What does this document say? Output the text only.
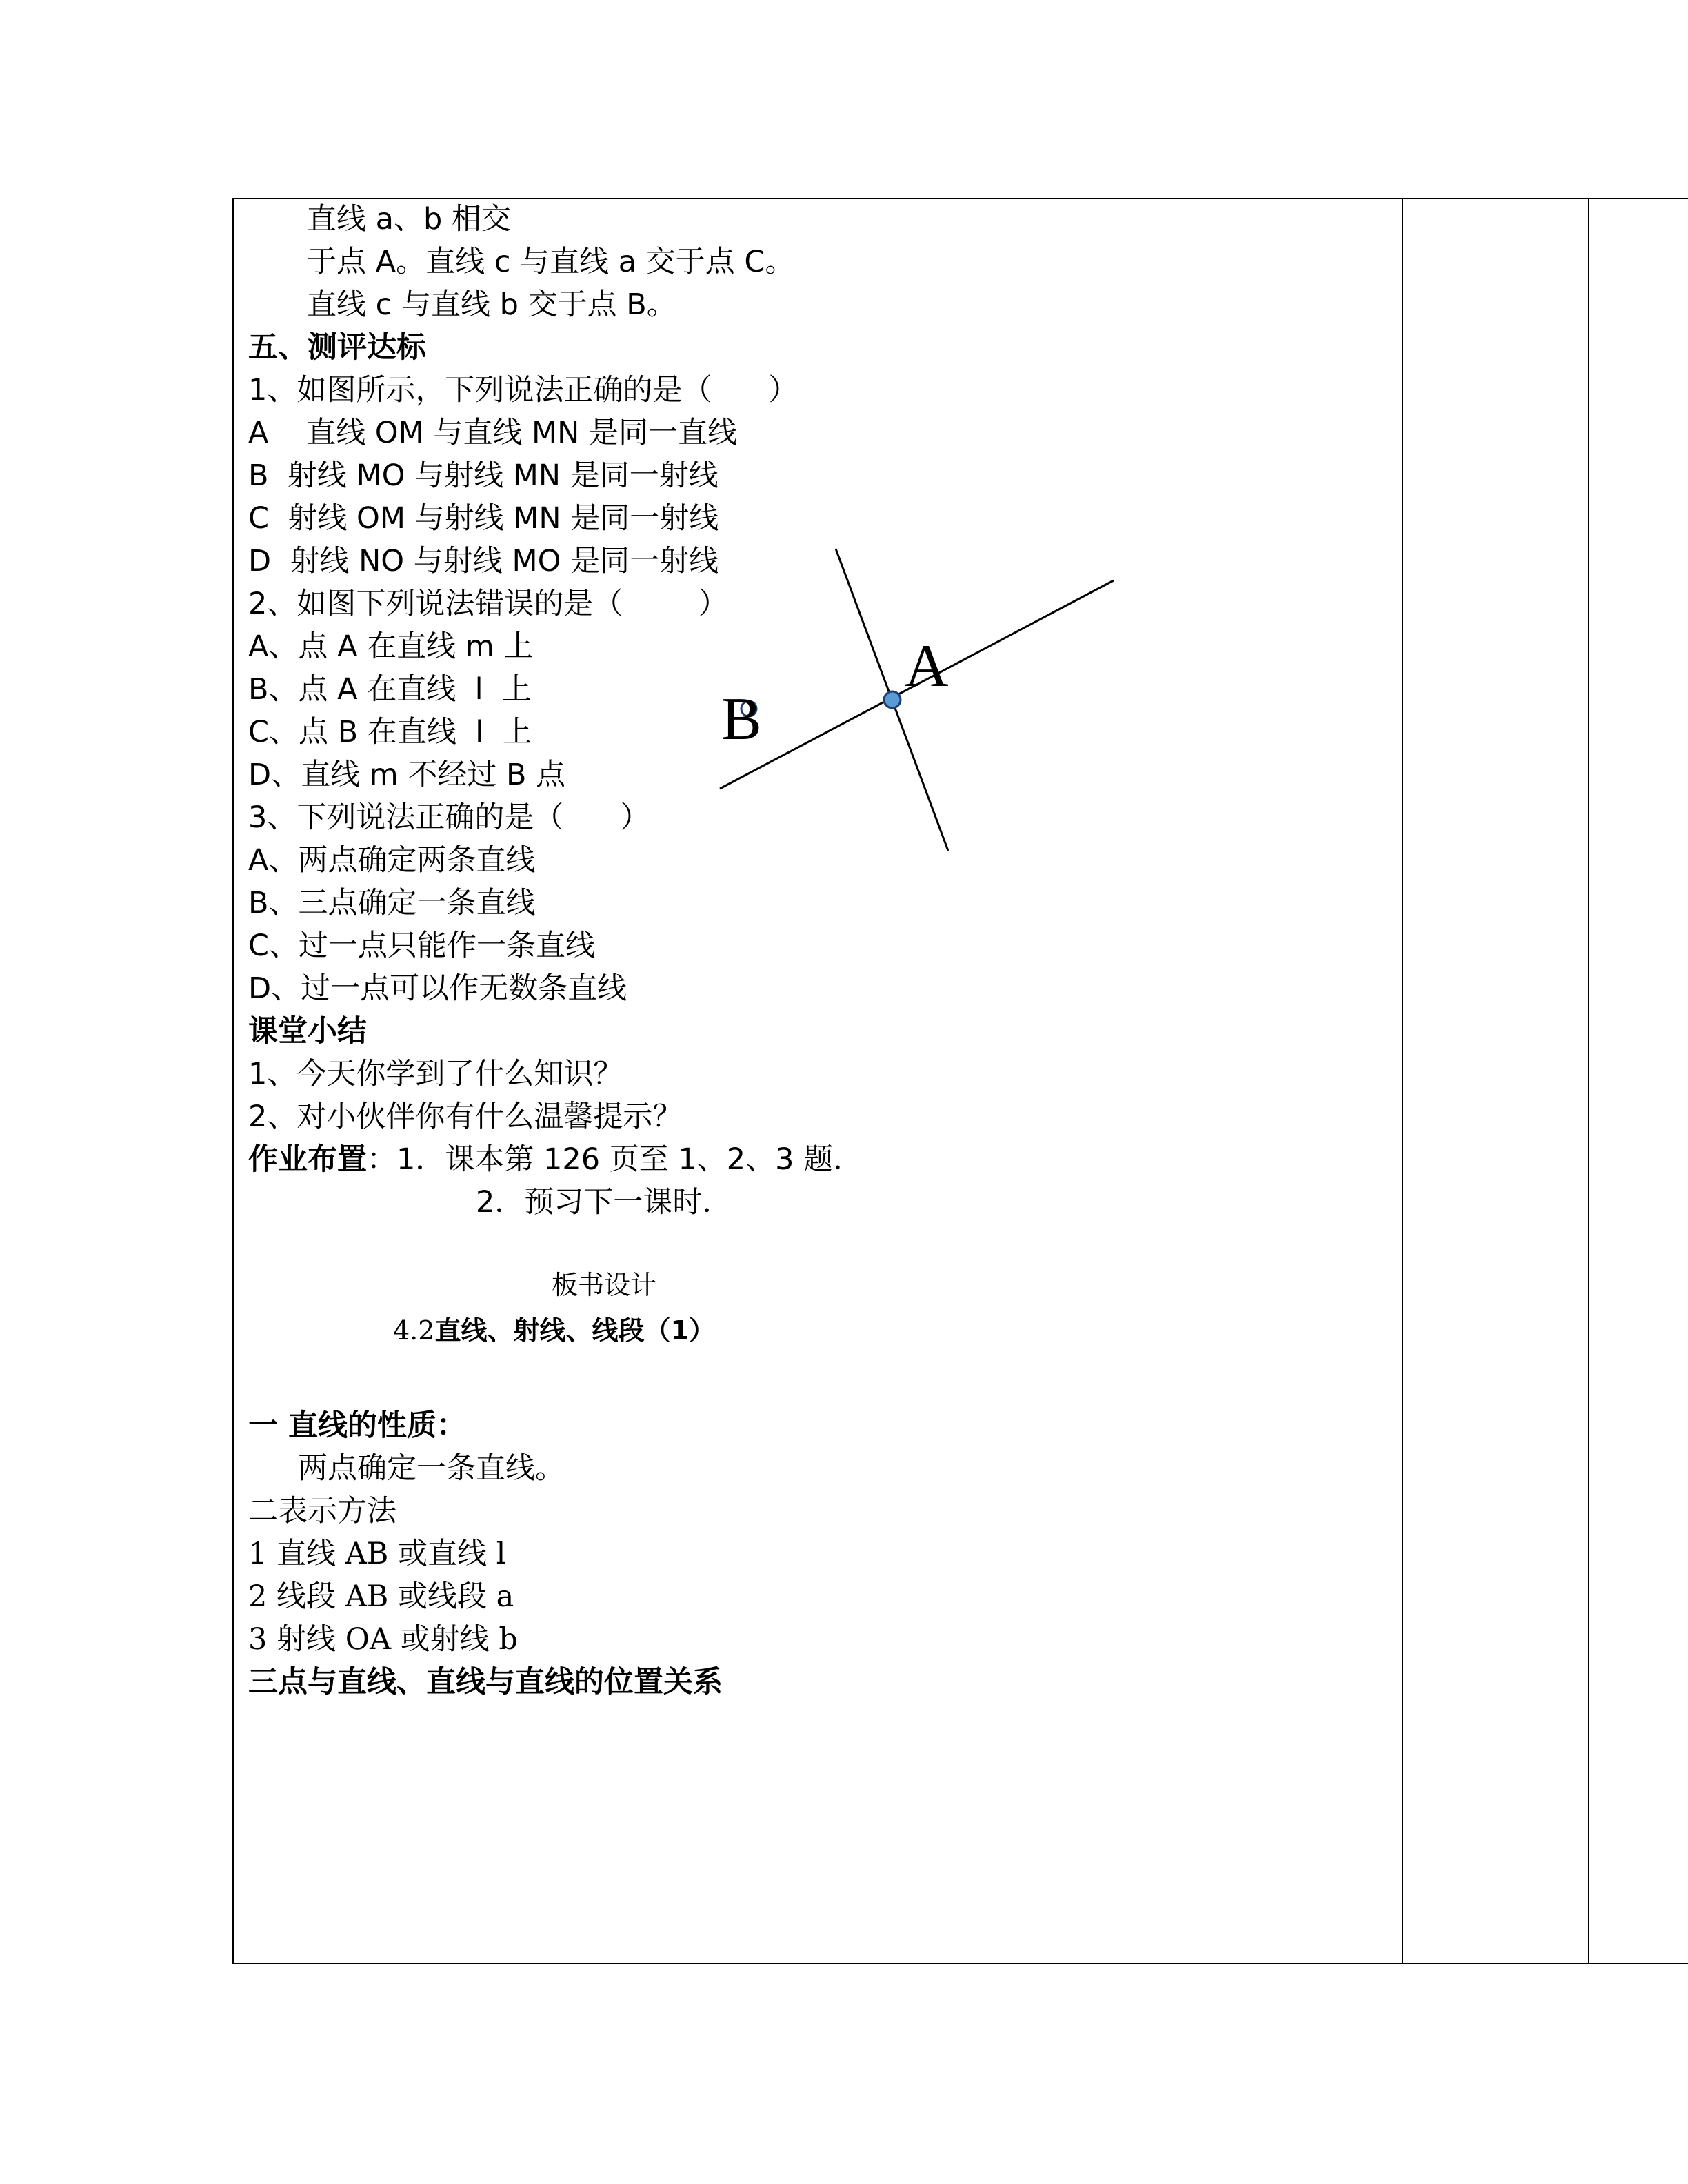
直线 a、b 相交
于点 A。直线 c 与直线 a 交于点 C。
直线 c 与直线 b 交于点 B。
五、测评达标
1、如图所示，下列说法正确的是（      ）
A    直线 OM 与直线 MN 是同一直线
B  射线 MO 与射线 MN 是同一射线
C  射线 OM 与射线 MN 是同一射线
D  射线 NO 与射线 MO 是同一射线
2、如图下列说法错误的是（        ）
A、点 A 在直线 m 上
B、点 A 在直线  l  上
C、点 B 在直线  l  上
D、直线 m 不经过 B 点
3、下列说法正确的是（      ）
A、两点确定两条直线
B、三点确定一条直线
C、过一点只能作一条直线
D、过一点可以作无数条直线
课堂小结
1、今天你学到了什么知识？
2、对小伙伴你有什么温馨提示？
作业布置：1．课本第 126 页至 1、2、3 题．
2．预习下一课时．
板书设计
4.2直线、射线、线段（1）
一 直线的性质：
两点确定一条直线。
二表示方法
1 直线 AB 或直线 l
2 线段 AB 或线段 a
3 射线 OA 或射线 b
三点与直线、直线与直线的位置关系
A
B
